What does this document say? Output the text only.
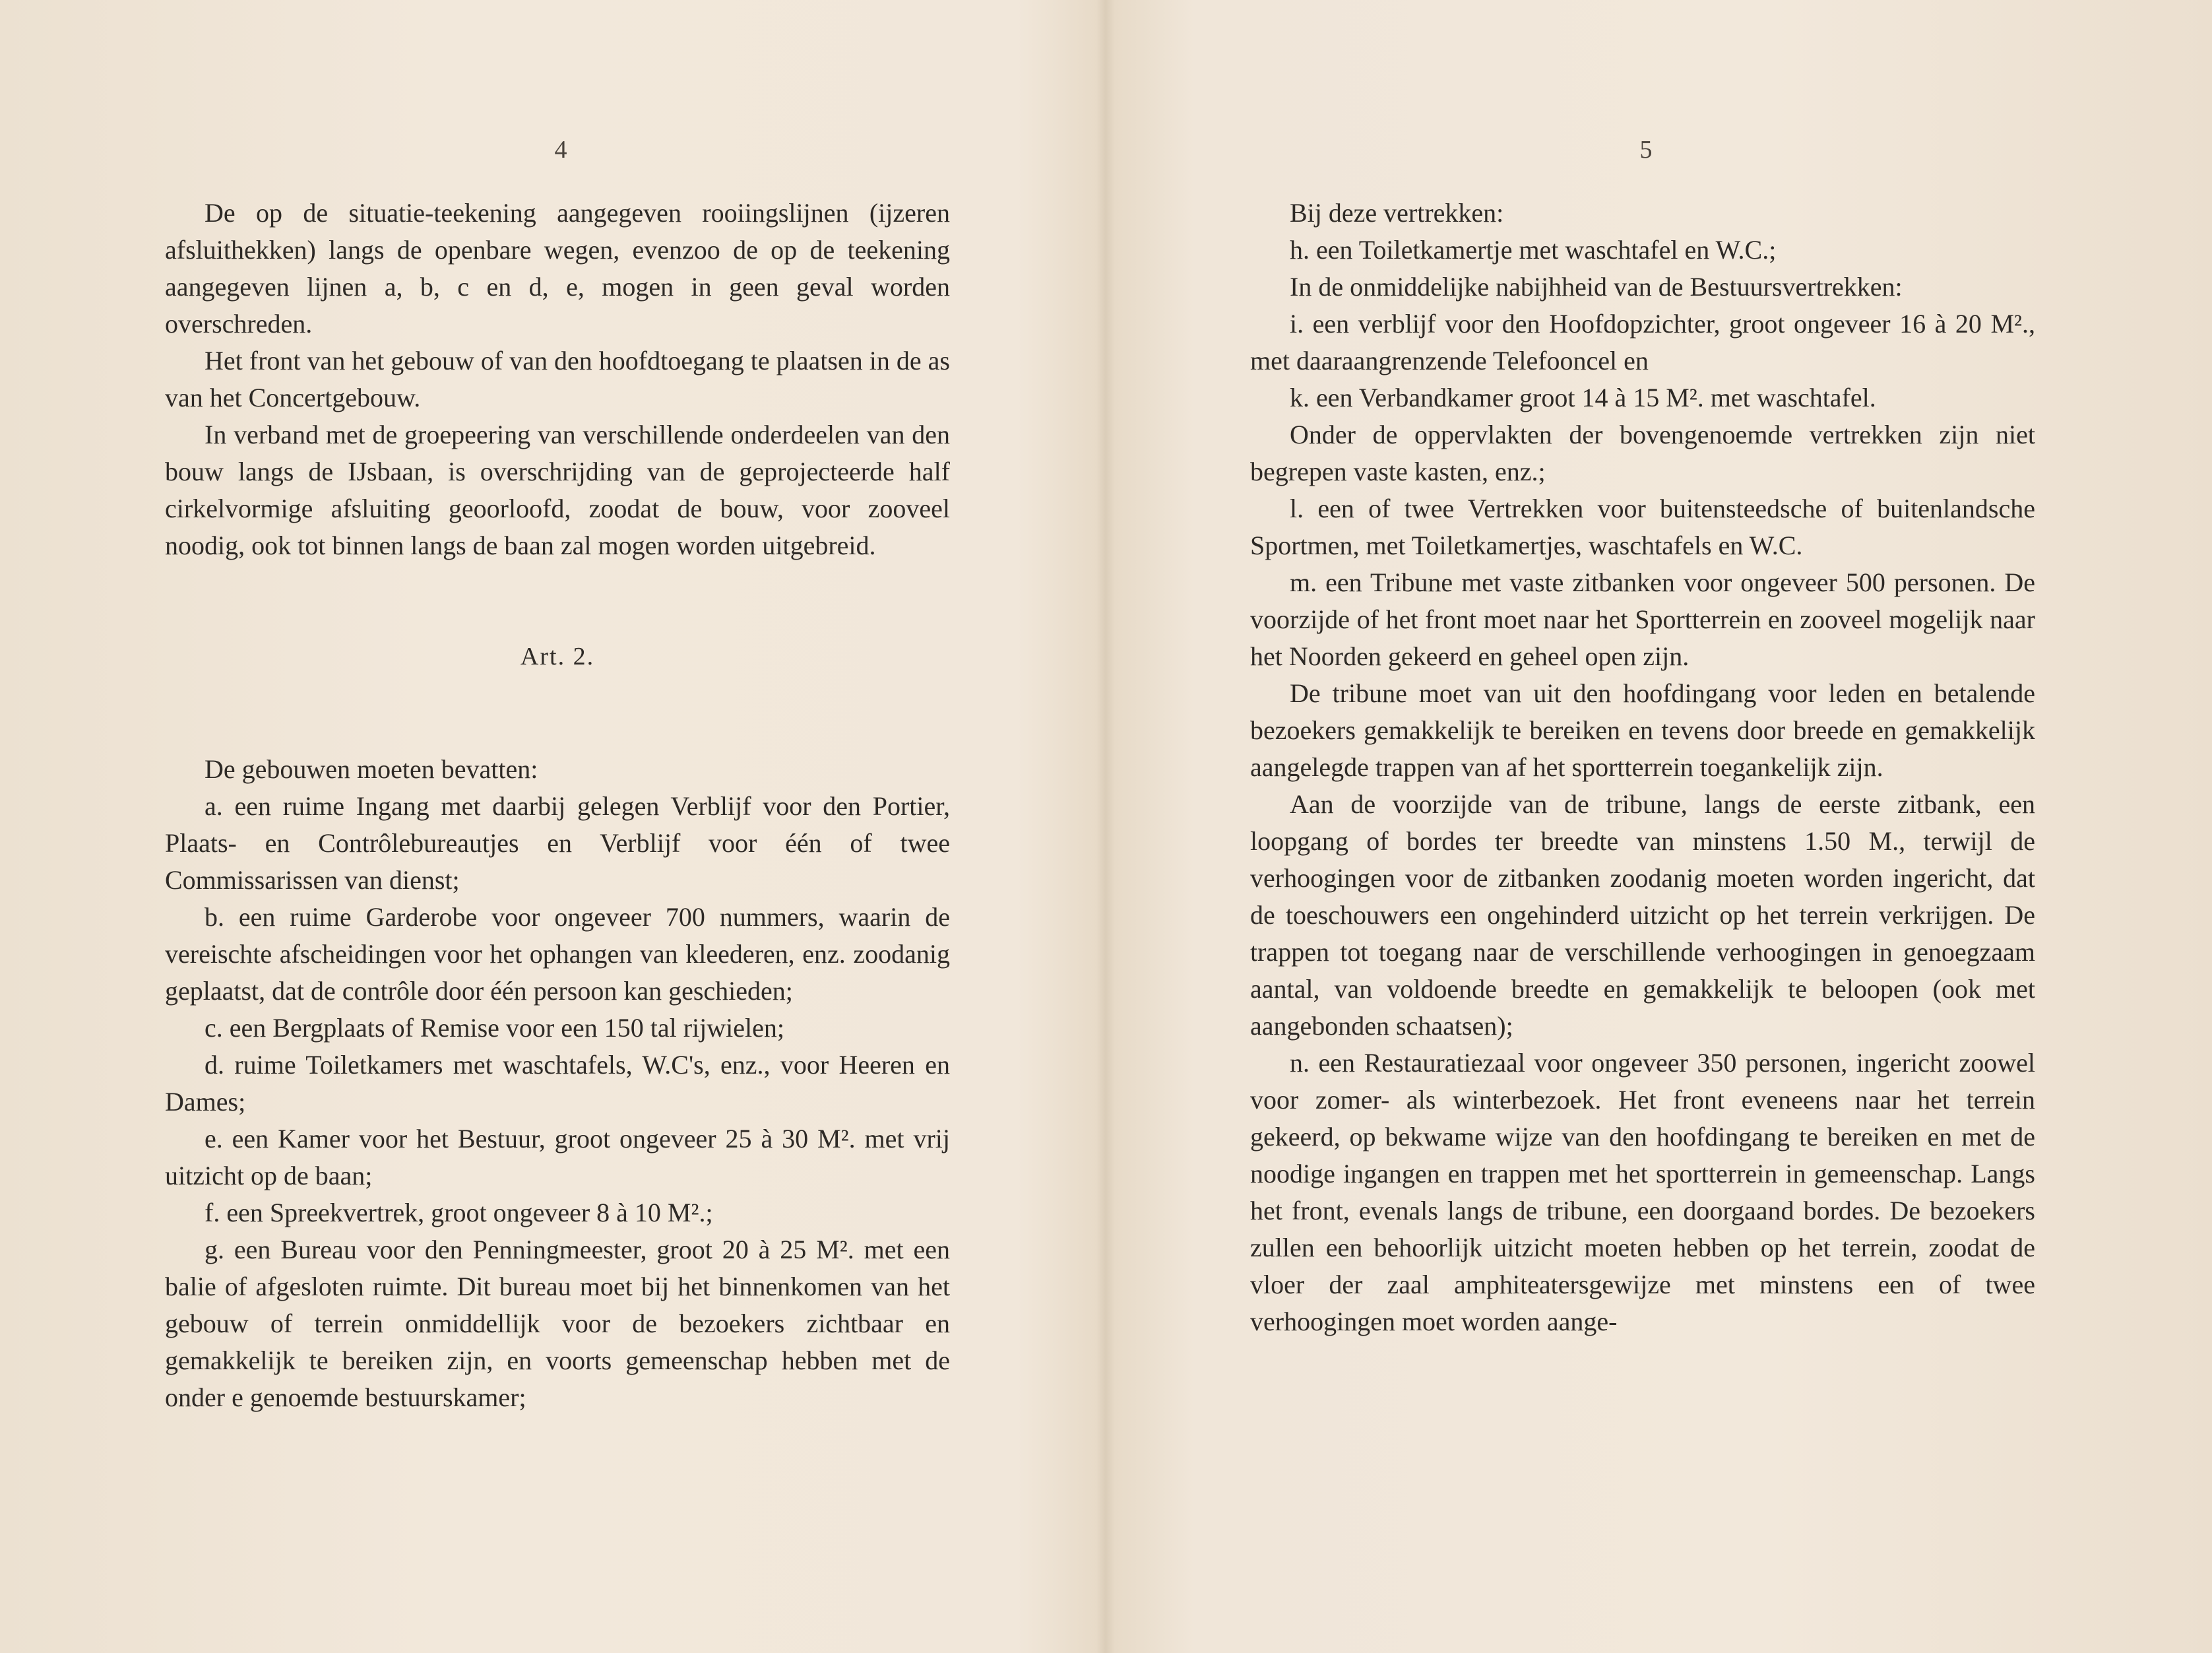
4

De op de situatie-teekening aangegeven rooiingslijnen (ijzeren afsluithekken) langs de openbare wegen, evenzoo de op de teekening aangegeven lijnen a, b, c en d, e, mogen in geen geval worden overschreden.

Het front van het gebouw of van den hoofdtoegang te plaatsen in de as van het Concertgebouw.

In verband met de groepeering van verschillende onderdeelen van den bouw langs de IJsbaan, is overschrijding van de geprojecteerde half cirkelvormige afsluiting geoorloofd, zoodat de bouw, voor zooveel noodig, ook tot binnen langs de baan zal mogen worden uitgebreid.

Art. 2.

De gebouwen moeten bevatten:

a. een ruime Ingang met daarbij gelegen Verblijf voor den Portier, Plaats- en Contrôlebureautjes en Verblijf voor één of twee Commissarissen van dienst;

b. een ruime Garderobe voor ongeveer 700 nummers, waarin de vereischte afscheidingen voor het ophangen van kleederen, enz. zoodanig geplaatst, dat de contrôle door één persoon kan geschieden;

c. een Bergplaats of Remise voor een 150 tal rijwielen;

d. ruime Toiletkamers met waschtafels, W.C's, enz., voor Heeren en Dames;

e. een Kamer voor het Bestuur, groot ongeveer 25 à 30 M². met vrij uitzicht op de baan;

f. een Spreekvertrek, groot ongeveer 8 à 10 M².;

g. een Bureau voor den Penningmeester, groot 20 à 25 M². met een balie of afgesloten ruimte. Dit bureau moet bij het binnenkomen van het gebouw of terrein onmiddellijk voor de bezoekers zichtbaar en gemakkelijk te bereiken zijn, en voorts gemeenschap hebben met de onder e genoemde bestuurskamer;

5

Bij deze vertrekken:

h. een Toiletkamertje met waschtafel en W.C.;

In de onmiddelijke nabijhheid van de Bestuursvertrekken:

i. een verblijf voor den Hoofdopzichter, groot ongeveer 16 à 20 M²., met daaraangrenzende Telefooncel en

k. een Verbandkamer groot 14 à 15 M². met waschtafel.

Onder de oppervlakten der bovengenoemde vertrekken zijn niet begrepen vaste kasten, enz.;

l. een of twee Vertrekken voor buitensteedsche of buitenlandsche Sportmen, met Toiletkamertjes, waschtafels en W.C.

m. een Tribune met vaste zitbanken voor ongeveer 500 personen. De voorzijde of het front moet naar het Sportterrein en zooveel mogelijk naar het Noorden gekeerd en geheel open zijn.

De tribune moet van uit den hoofdingang voor leden en betalende bezoekers gemakkelijk te bereiken en tevens door breede en gemakkelijk aangelegde trappen van af het sportterrein toegankelijk zijn.

Aan de voorzijde van de tribune, langs de eerste zitbank, een loopgang of bordes ter breedte van minstens 1.50 M., terwijl de verhoogingen voor de zitbanken zoodanig moeten worden ingericht, dat de toeschouwers een ongehinderd uitzicht op het terrein verkrijgen. De trappen tot toegang naar de verschillende verhoogingen in genoegzaam aantal, van voldoende breedte en gemakkelijk te beloopen (ook met aangebonden schaatsen);

n. een Restauratiezaal voor ongeveer 350 personen, ingericht zoowel voor zomer- als winterbezoek. Het front eveneens naar het terrein gekeerd, op bekwame wijze van den hoofdingang te bereiken en met de noodige ingangen en trappen met het sportterrein in gemeenschap. Langs het front, evenals langs de tribune, een doorgaand bordes. De bezoekers zullen een behoorlijk uitzicht moeten hebben op het terrein, zoodat de vloer der zaal amphiteatersgewijze met minstens een of twee verhoogingen moet worden aange-
